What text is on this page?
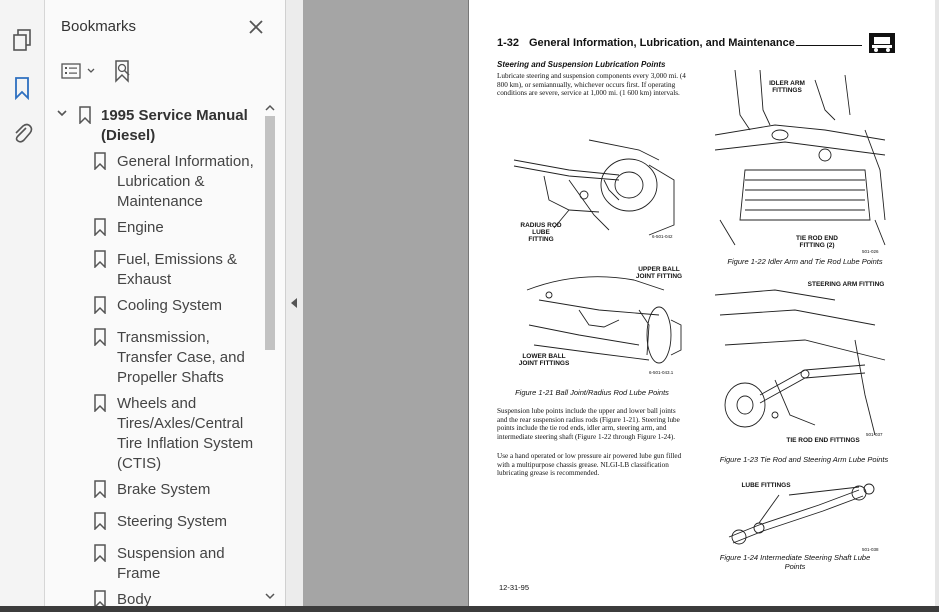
Bookmarks
1995 Service Manual (Diesel)
General Information, Lubrication & Maintenance
Engine
Fuel, Emissions & Exhaust
Cooling System
Transmission, Transfer Case, and Propeller Shafts
Wheels and Tires/Axles/Central Tire Inflation System (CTIS)
Brake System
Steering System
Suspension and Frame
Body
1-32 General Information, Lubrication, and Maintenance
Steering and Suspension Lubrication Points
Lubricate steering and suspension components every 3,000 mi. (4 800 km), or semiannually, whichever occurs first. If operating conditions are severe, service at 1,000 mi. (1 600 km) intervals.
RADIUS ROD LUBE FITTING	6-501-042
UPPER BALL JOINT FITTING
LOWER BALL JOINT FITTINGS
6-501-043.1
Figure 1-21 Ball Joint/Radius Rod Lube Points
Suspension lube points include the upper and lower ball joints and the rear suspension radius rods (Figure 1-21). Steering lube points include the tie rod ends, idler arm, steering arm, and intermediate steering shaft (Figure 1-22 through Figure 1-24).
Use a hand operated or low pressure air powered lube gun filled with a multipurpose chassis grease. NLGI-LB classification lubricating grease is recommended.
IDLER ARM FITTINGS
TIE ROD END FITTING (2)
501-026
Figure 1-22 Idler Arm and Tie Rod Lube Points
STEERING ARM FITTING
TIE ROD END FITTINGS
501-037
Figure 1-23 Tie Rod and Steering Arm Lube Points
LUBE FITTINGS
501-038
Figure 1-24 Intermediate Steering Shaft Lube Points
12-31-95
